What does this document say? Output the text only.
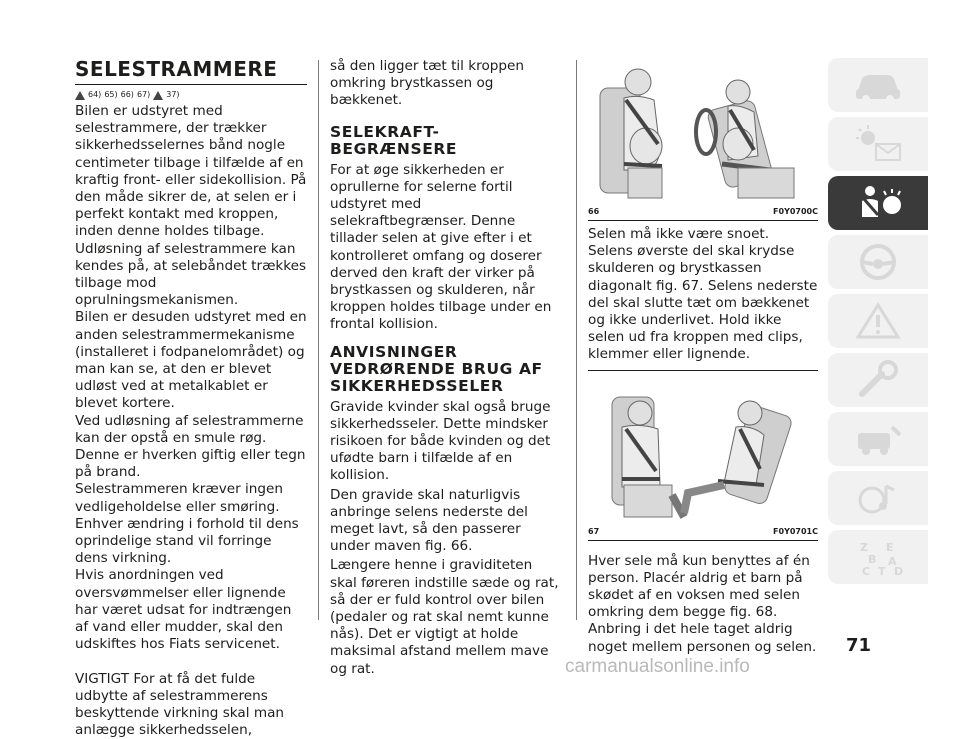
SELESTRAMMERE
64) 65) 66) 67) 37)

Bilen er udstyret med selestrammere, der trækker sikkerhedsselernes bånd nogle centimeter tilbage i tilfælde af en kraftig front- eller sidekollision. På den måde sikrer de, at selen er i perfekt kontakt med kroppen, inden denne holdes tilbage.

Udløsning af selestrammere kan kendes på, at selebåndet trækkes tilbage mod oprulningsmekanismen.

Bilen er desuden udstyret med en anden selestrammermekanisme (installeret i fodpanelområdet) og man kan se, at den er blevet udløst ved at metalkablet er blevet kortere.

Ved udløsning af selestrammerne kan der opstå en smule røg. Denne er hverken giftig eller tegn på brand.

Selestrammeren kræver ingen vedligeholdelse eller smøring. Enhver ændring i forhold til dens oprindelige stand vil forringe dens virkning.

Hvis anordningen ved oversvømmelser eller lignende har været udsat for indtrængen af vand eller mudder, skal den udskiftes hos Fiats servicenet.

VIGTIGT For at få det fulde udbytte af selestrammerens beskyttende virkning skal man anlægge sikkerhedsselen,

så den ligger tæt til kroppen omkring brystkassen og bækkenet.

SELEKRAFT-BEGRÆNSERE

For at øge sikkerheden er oprullerne for selerne fortil udstyret med selekraftbegrænser. Denne tillader selen at give efter i et kontrolleret omfang og doserer derved den kraft der virker på brystkassen og skulderen, når kroppen holdes tilbage under en frontal kollision.

ANVISNINGER VEDRØRENDE BRUG AF SIKKERHEDSSELER

Gravide kvinder skal også bruge sikkerhedsseler. Dette mindsker risikoen for både kvinden og det ufødte barn i tilfælde af en kollision.

Den gravide skal naturligvis anbringe selens nederste del meget lavt, så den passerer under maven fig. 66.

Længere henne i graviditeten skal føreren indstille sæde og rat, så der er fuld kontrol over bilen (pedaler og rat skal nemt kunne nås). Det er vigtigt at holde maksimal afstand mellem mave og rat.

66	F0Y0700C

Selen må ikke være snoet. Selens øverste del skal krydse skulderen og brystkassen diagonalt fig. 67. Selens nederste del skal slutte tæt om bækkenet og ikke underlivet. Hold ikke selen ud fra kroppen med clips, klemmer eller lignende.

67	F0Y0701C

Hver sele må kun benyttes af én person. Placér aldrig et barn på skødet af en voksen med selen omkring dem begge fig. 68. Anbring i det hele taget aldrig noget mellem personen og selen.

Z E
B A
C T D
71
carmanualsonline.info
